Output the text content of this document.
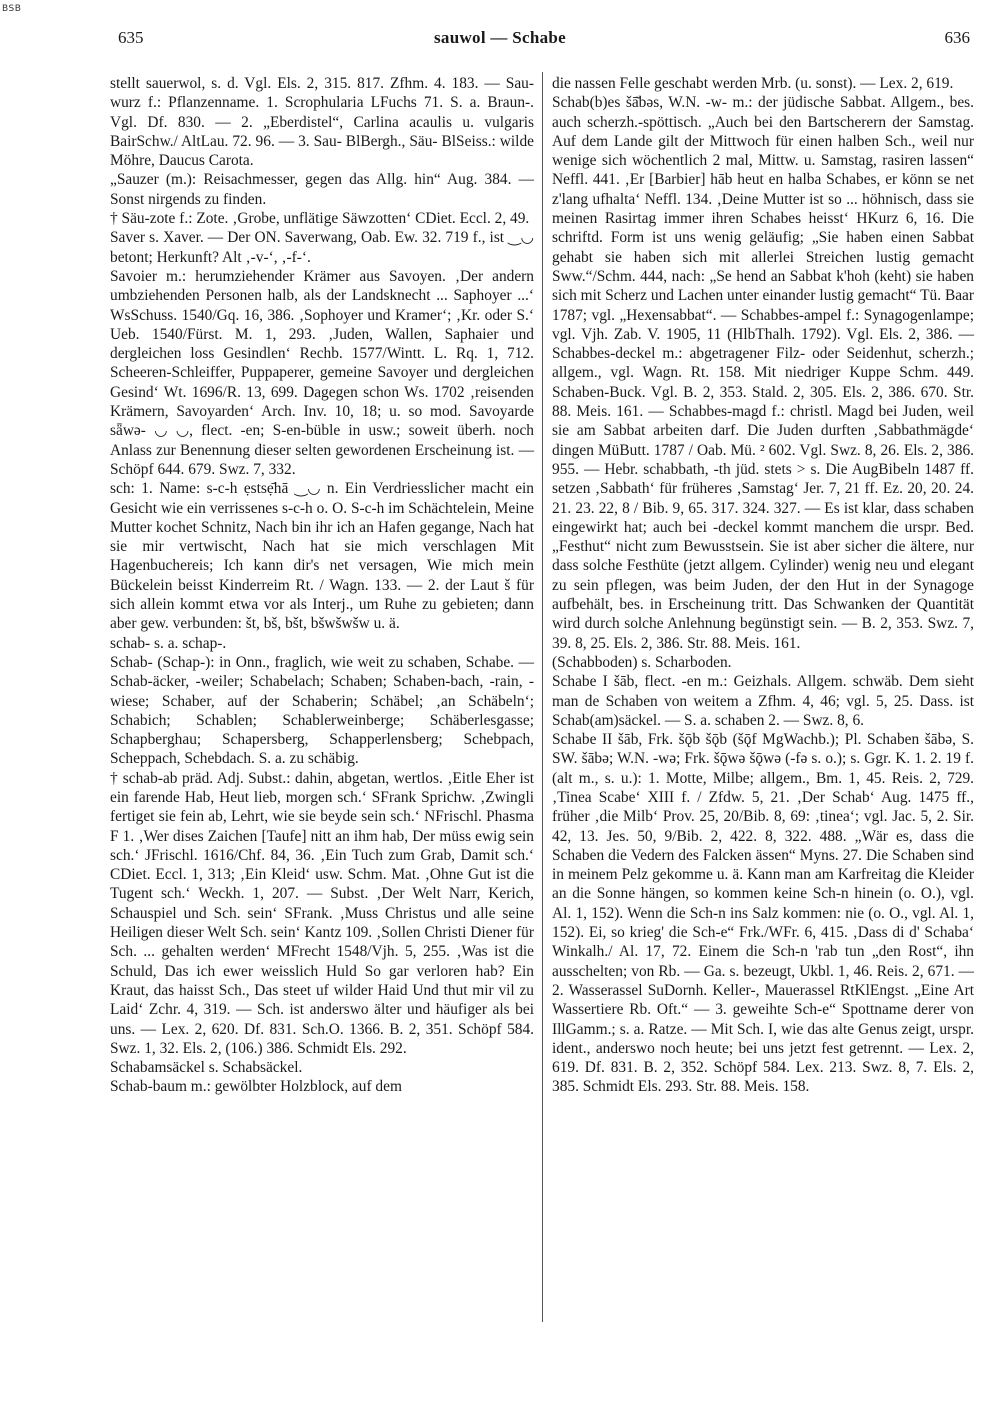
BSB
635	sauwol — Schabe	636

stellt sauerwol, s. d. Vgl. Els. 2, 315. 817. Zfhm. 4. 183. — Sau-wurz f.: Pflanzenname. 1. Scrophularia LFuchs 71. S. a. Braun-. Vgl. Df. 830. — 2. „Eberdistel“, Carlina acaulis u. vulgaris BairSchw./ AltLau. 72. 96. — 3. Sau- BlBergh., Säu- BlSeiss.: wilde Möhre, Daucus Carota.

„Sauzer (m.): Reisachmesser, gegen das Allg. hin“ Aug. 384. — Sonst nirgends zu finden.

† Säu-zote f.: Zote. ‚Grobe, unflätige Säwzotten‘ CDiet. Eccl. 2, 49.

Saver s. Xaver. — Der ON. Saverwang, Oab. Ew. 32. 719 f., ist ‿◡ betont; Herkunft? Alt ‚-v-‘, ‚-f-‘.

Savoier m.: herumziehender Krämer aus Savoyen. ‚Der andern umbziehenden Personen halb, als der Landsknecht ... Saphoyer ...‘ WsSchuss. 1540/Gq. 16, 386. ‚Sophoyer und Kramer‘; ‚Kr. oder S.‘ Ueb. 1540/Fürst. M. 1, 293. ‚Juden, Wallen, Saphaier und dergleichen loss Gesindlen‘ Rechb. 1577/Wintt. L. Rq. 1, 712. Scheeren-Schleiffer, Puppaperer, gemeine Savoyer und dergleichen Gesind‘ Wt. 1696/R. 13, 699. Dagegen schon Ws. 1702 ‚reisenden Krämern, Savoyarden‘ Arch. Inv. 10, 18; u. so mod. Savoyarde sǟwə- ◡ ◡, flect. -en; S-en-büble in usw.; soweit überh. noch Anlass zur Benennung dieser selten gewordenen Erscheinung ist. — Schöpf 644. 679. Swz. 7, 332.

sch: 1. Name: s-c-h ẹstsẹ̄hā ‿◡ n. Ein Verdriesslicher macht ein Gesicht wie ein verrissenes s-c-h o. O. S-c-h im Schächtelein, Meine Mutter kochet Schnitz, Nach bin ihr ich an Hafen gegange, Nach hat sie mir vertwischt, Nach hat sie mich verschlagen Mit Hagenbuchereis; Ich kann dir's net versagen, Wie mich mein Bückelein beisst Kinderreim Rt. / Wagn. 133. — 2. der Laut š für sich allein kommt etwa vor als Interj., um Ruhe zu gebieten; dann aber gew. verbunden: št, bš, bšt, bšwšwšw u. ä.

schab- s. a. schap-.

Schab- (Schap-): in Onn., fraglich, wie weit zu schaben, Schabe. — Schab-äcker, -weiler; Schabelach; Schaben; Schaben-bach, -rain, -wiese; Schaber, auf der Schaberin; Schäbel; ‚an Schäbeln‘; Schabich; Schablen; Schablerweinberge; Schäberlesgasse; Schapberghau; Schapersberg, Schapperlensberg; Schebpach, Scheppach, Schebdach. S. a. zu schäbig.

† schab-ab präd. Adj. Subst.: dahin, abgetan, wertlos. ‚Eitle Eher ist ein farende Hab, Heut lieb, morgen sch.‘ SFrank Sprichw. ‚Zwingli fertiget sie fein ab, Lehrt, wie sie beyde sein sch.‘ NFrischl. Phasma F 1. ‚Wer dises Zaichen [Taufe] nitt an ihm hab, Der müss ewig sein sch.‘ JFrischl. 1616/Chf. 84, 36. ‚Ein Tuch zum Grab, Damit sch.‘ CDiet. Eccl. 1, 313; ‚Ein Kleid‘ usw. Schm. Mat. ‚Ohne Gut ist die Tugent sch.‘ Weckh. 1, 207. — Subst. ‚Der Welt Narr, Kerich, Schauspiel und Sch. sein‘ SFrank. ‚Muss Christus und alle seine Heiligen dieser Welt Sch. sein‘ Kantz 109. ‚Sollen Christi Diener für Sch. ... gehalten werden‘ MFrecht 1548/Vjh. 5, 255. ‚Was ist die Schuld, Das ich ewer weisslich Huld So gar verloren hab? Ein Kraut, das haisst Sch., Das steet uf wilder Haid Und thut mir vil zu Laid‘ Zchr. 4, 319. — Sch. ist anderswo älter und häufiger als bei uns. — Lex. 2, 620. Df. 831. Sch.O. 1366. B. 2, 351. Schöpf 584. Swz. 1, 32. Els. 2, (106.) 386. Schmidt Els. 292.

Schabamsäckel s. Schabsäckel.

Schab-baum m.: gewölbter Holzblock, auf dem

die nassen Felle geschabt werden Mrb. (u. sonst). — Lex. 2, 619.

Schab(b)es šā̆bəs, W.N. -w- m.: der jüdische Sabbat. Allgem., bes. auch scherzh.-spöttisch. „Auch bei den Bartscherern der Samstag. Auf dem Lande gilt der Mittwoch für einen halben Sch., weil nur wenige sich wöchentlich 2 mal, Mittw. u. Samstag, rasiren lassen“ Neffl. 441. ‚Er [Barbier] hāb heut en halba Schabes, er könn se net z'lang ufhalta‘ Neffl. 134. ‚Deine Mutter ist so ... höhnisch, dass sie meinen Rasirtag immer ihren Schabes heisst‘ HKurz 6, 16. Die schriftd. Form ist uns wenig geläufig; „Sie haben einen Sabbat gehabt sie haben sich mit allerlei Streichen lustig gemacht Sww.“/Schm. 444, nach: „Se hend an Sabbat k'hoh (keht) sie haben sich mit Scherz und Lachen unter einander lustig gemacht“ Tü. Baar 1787; vgl. „Hexensabbat“. — Schabbes-ampel f.: Synagogenlampe; vgl. Vjh. Zab. V. 1905, 11 (HlbThalh. 1792). Vgl. Els. 2, 386. — Schabbes-deckel m.: abgetragener Filz- oder Seidenhut, scherzh.; allgem., vgl. Wagn. Rt. 158. Mit niedriger Kuppe Schm. 449. Schaben-Buck. Vgl. B. 2, 353. Stald. 2, 305. Els. 2, 386. 670. Str. 88. Meis. 161. — Schabbes-magd f.: christl. Magd bei Juden, weil sie am Sabbat arbeiten darf. Die Juden durften ‚Sabbathmägde‘ dingen MüButt. 1787 / Oab. Mü. ² 602. Vgl. Swz. 8, 26. Els. 2, 386. 955. — Hebr. schabbath, -th jüd. stets > s. Die AugBibeln 1487 ff. setzen ‚Sabbath‘ für früheres ‚Samstag‘ Jer. 7, 21 ff. Ez. 20, 20. 24. 21. 23. 22, 8 / Bib. 9, 65. 317. 324. 327. — Es ist klar, dass schaben eingewirkt hat; auch bei -deckel kommt manchem die urspr. Bed. „Festhut“ nicht zum Bewusstsein. Sie ist aber sicher die ältere, nur dass solche Festhüte (jetzt allgem. Cylinder) wenig neu und elegant zu sein pflegen, was beim Juden, der den Hut in der Synagoge aufbehält, bes. in Erscheinung tritt. Das Schwanken der Quantität wird durch solche Anlehnung begünstigt sein. — B. 2, 353. Swz. 7, 39. 8, 25. Els. 2, 386. Str. 88. Meis. 161.

(Schabboden) s. Scharboden.

Schabe I šāb, flect. -en m.: Geizhals. Allgem. schwäb. Dem sieht man de Schaben von weitem a Zfhm. 4, 46; vgl. 5, 25. Dass. ist Schab(am)säckel. — S. a. schaben 2. — Swz. 8, 6.

Schabe II šāb, Frk. šǭb šǭb (šǭf MgWachb.); Pl. Schaben šābə, S. SW. šābə; W.N. -wə; Frk. šǭwə šǭwə (-fə s. o.); s. Ggr. K. 1. 2. 19 f. (alt m., s. u.): 1. Motte, Milbe; allgem., Bm. 1, 45. Reis. 2, 729. ‚Tinea Scabe‘ XIII f. / Zfdw. 5, 21. ‚Der Schab‘ Aug. 1475 ff., früher ‚die Milb‘ Prov. 25, 20/Bib. 8, 69: ‚tinea‘; vgl. Jac. 5, 2. Sir. 42, 13. Jes. 50, 9/Bib. 2, 422. 8, 322. 488. „Wär es, dass die Schaben die Vedern des Falcken ässen“ Myns. 27. Die Schaben sind in meinem Pelz gekomme u. ä. Kann man am Karfreitag die Kleider an die Sonne hängen, so kommen keine Sch-n hinein (o. O.), vgl. Al. 1, 152). Wenn die Sch-n ins Salz kommen: nie (o. O., vgl. Al. 1, 152). Ei, so krieg' die Sch-e“ Frk./WFr. 6, 415. ‚Dass di d' Schaba‘ Winkalh./ Al. 17, 72. Einem die Sch-n 'rab tun „den Rost“, ihn ausschelten; von Rb. — Ga. s. bezeugt, Ukbl. 1, 46. Reis. 2, 671. — 2. Wasserassel SuDornh. Keller-, Mauerassel RtKlEngst. „Eine Art Wassertiere Rb. Oft.“ — 3. geweihte Sch-e“ Spottname derer von IllGamm.; s. a. Ratze. — Mit Sch. I, wie das alte Genus zeigt, urspr. ident., anderswo noch heute; bei uns jetzt fest getrennt. — Lex. 2, 619. Df. 831. B. 2, 352. Schöpf 584. Lex. 213. Swz. 8, 7. Els. 2, 385. Schmidt Els. 293. Str. 88. Meis. 158.
